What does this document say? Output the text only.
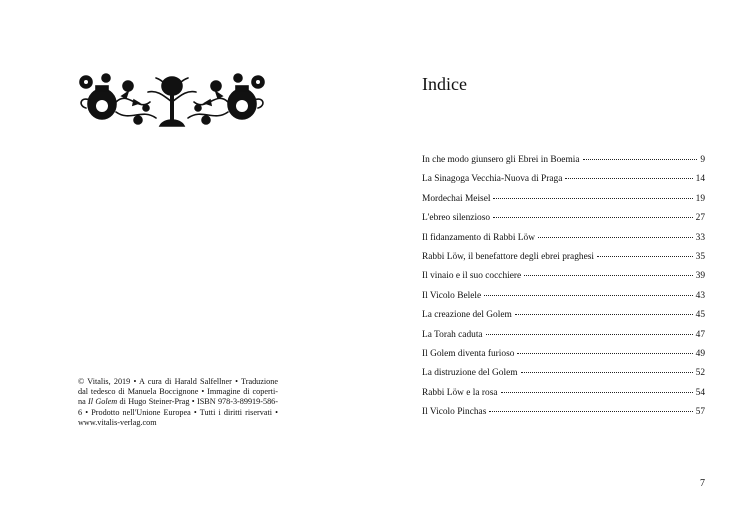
© Vitalis, 2019 • A cura di Harald Salfellner • Traduzione dal tedesco di Manuela Boccignone • Immagine di coperti- na Il Golem di Hugo Steiner-Prag • ISBN 978-3-89919-586-6 • Prodotto nell'Unione Europea • Tutti i diritti riservati • www.vitalis-verlag.com
Indice
In che modo giunsero gli Ebrei in Boemia	9
La Sinagoga Vecchia-Nuova di Praga	14
Mordechai Meisel	19
L'ebreo silenzioso	27
Il fidanzamento di Rabbi Löw	33
Rabbi Löw, il benefattore degli ebrei praghesi	35
Il vinaio e il suo cocchiere	39
Il Vicolo Belele	43
La creazione del Golem	45
La Torah caduta	47
Il Golem diventa furioso	49
La distruzione del Golem	52
Rabbi Löw e la rosa	54
Il Vicolo Pinchas	57
7
